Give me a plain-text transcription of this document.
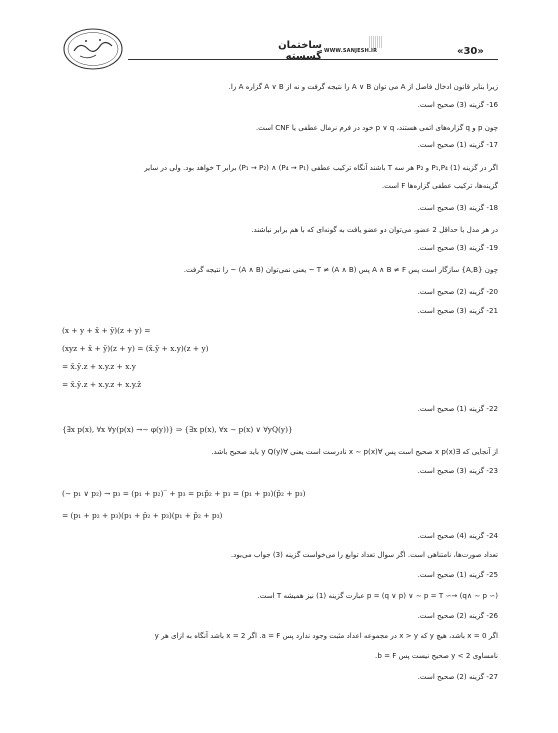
ساختمان گسسته WWW.SANJESH.IR	«30»
زیرا بنابر قانون ادخال فاصل از A می توان A ∨ B را نتیجه گرفت و نه از A ∨ B گزاره A را.
16- گزینه (3) صحیح است.
چون p و q گزاره‌های اتمی هستند، p ∨ q خود در فرم نرمال عطفی یا CNF است.
17- گزینه (1) صحیح است.
اگر در گزینه (1) P₁,P₄ و P₂ هر سه T باشند آنگاه ترکیب عطفی (P₄ → P₁) ∧ (P₁ → P₂) برابر T خواهد بود. ولی در سایر
گزینه‌ها، ترکیب عطفی گزاره‌ها F است.
18- گزینه (3) صحیح است.
در هر مدل با حداقل 2 عضو، می‌توان دو عضو یافت به گونه‌ای که با هم برابر نباشند.
19- گزینه (3) صحیح است.
چون {A,B} سازگار است پس A ∧ B ≠ F پس T ≠ (A ∧ B) ~ یعنی نمی‌توان (A ∧ B) ~ را نتیجه گرفت.
20- گزینه (2) صحیح است.
21- گزینه (3) صحیح است.
(x + y + x̄ + ȳ)(z + y) =
(xyz + x̄ + ȳ)(z + y) = (x̄.ȳ + x.y)(z + y)
= x̄.ȳ.z + x.y.z + x.y
= x̄.ȳ.z + x.y.z + x.y.z̄
22- گزینه (1) صحیح است.
{∃x p(x), ∀x ∀y(p(x) →∼ φ(y))} ⇒ {∃x p(x), ∀x ∼ p(x) ∨ ∀yQ(y)}
از آنجایی که ∃x p(x) صحیح است پس ∀x ∼ p(x) نادرست است یعنی ∀y Q(y) باید صحیح باشد.
23- گزینه (3) صحیح است.
(∼ p₁ ∨ p₂) → p₃ = (p₁ + p₂)‾ + p₃ = p₁p̄₂ + p₃ = (p₁ + p₃)(p̄₂ + p₃)
= (p₁ + p₂ + p₃)(p₁ + p̄₂ + p₃)(p₁ + p̄₂ + p₃)
24- گزینه (4) صحیح است.
تعداد صورت‌ها، نامتناهی است. اگر سوال تعداد توابع را می‌خواست گزینه (3) جواب می‌بود.
25- گزینه (1) صحیح است.
(∼ q∧ ∼ p) →∼ p = (q ∨ p) ∨ ∼ p = T عبارت گزینه (1) نیز همیشه T است.
26- گزینه (2) صحیح است.
اگر x = 0 باشد، هیچ y که x > y در مجموعه اعداد مثبت وجود ندارد پس a = F. اگر x = 2 باشد آنگاه به ازای هر y
نامساوی 2 > y صحیح نیست پس b = F.
27- گزینه (2) صحیح است.
